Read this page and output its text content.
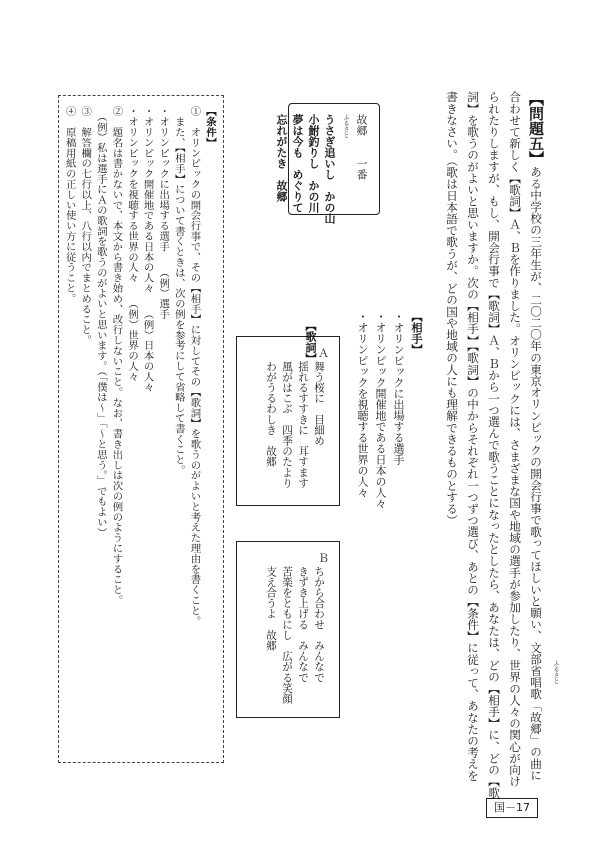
【問題五】ある中学校の三年生が、二〇二〇年の東京オリンピックの開会行事で歌ってほしいと願い、文部省唱歌「故郷」の曲に
合わせて新しく【歌詞】Ａ、Ｂを作りました。オリンピックには、さまざまな国や地域の選手が参加したり、世界の人々の関心が向け
られたりしますが、もし、開会行事で【歌詞】Ａ、Ｂから一つ選んで歌うことになったとしたら、あなたは、どの【相手】に、どの【歌
詞】を歌うのがよいと思いますか。次の【相手】【歌詞】の中からそれぞれ一つずつ選び、あとの【条件】に従って、あなたの考えを
書きなさい。（歌は日本語で歌うが、どの国や地域の人にも理解できるものとする）
故郷　　一番
ふるさと
うさぎ追いし　かの山
小鮒釣りし　かの川
夢は今も　めぐりて
忘れがたき　故郷
【相手】
・オリンピックに出場する選手
・オリンピック開催地である日本の人々
・オリンピックを視聴する世界の人々
【歌詞】 Ａ
舞う桜に　目細め
揺れるすすきに　耳すます
風がはこぶ　四季のたより
わがうるわしき　故郷
Ｂ
ちから合わせ　みんなで
きずき上げる　みんなで
苦楽をともにし　広がる笑顔
支え合うよ　故郷
【条件】
①　オリンピックの開会行事で、その【相手】に対してその【歌詞】を歌うのがよいと考えた理由を書くこと。
　また、【相手】について書くときは、次の例を参考にして省略して書くこと。
・オリンピックに出場する選手　　（例）選手
・オリンピック開催地である日本の人々　　（例）日本の人々
・オリンピックを視聴する世界の人々　　（例）世界の人々
②　題名は書かないで、本文から書き始め、改行しないこと。なお、書き出しは次の例のようにすること。
　（例）私は選手にＡの歌詞を歌うのがよいと思います。（「僕は～」「～と思う。」でもよい）
③　解答欄の七行以上、八行以内でまとめること。
④　原稿用紙の正しい使い方に従うこと。
ふるさと
国－17
